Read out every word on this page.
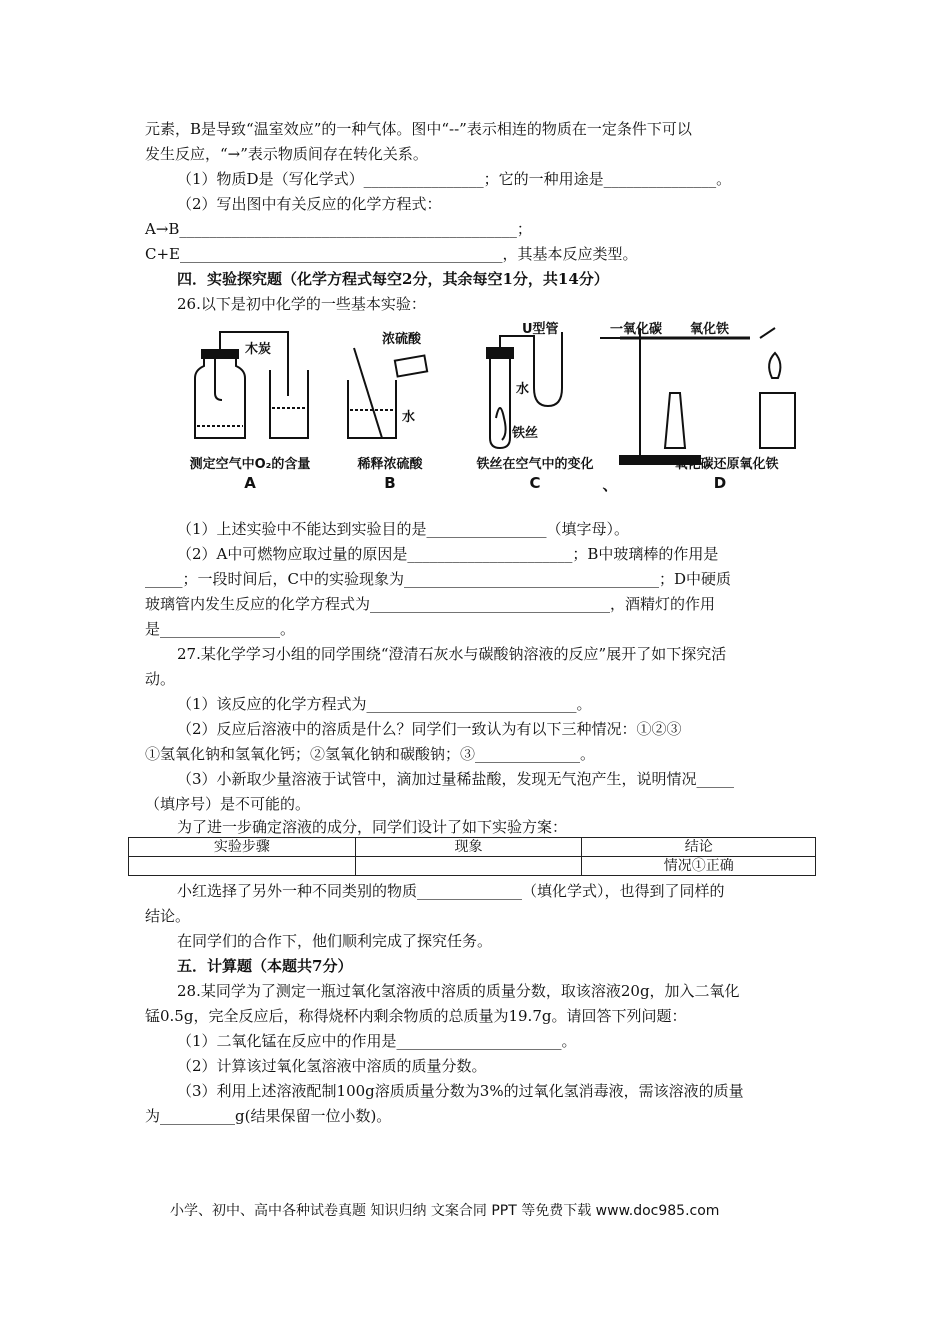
元素，B是导致“温室效应”的一种气体。图中“--”表示相连的物质在一定条件下可以
发生反应，“→”表示物质间存在转化关系。
（1）物质D是（写化学式）________________；它的一种用途是_______________。
（2）写出图中有关反应的化学方程式：
A→B_____________________________________________；
C+E___________________________________________，其基本反应类型。
四．实验探究题（化学方程式每空2分，其余每空1分，共14分）
26.以下是初中化学的一些基本实验：
木炭
浓硫酸
水
U型管
水
铁丝
一氧化碳 氧化铁
测定空气中O₂的含量	稀释浓硫酸	铁丝在空气中的变化	一氧化碳还原氧化铁
A	B	C	、	D
（1）上述实验中不能达到实验目的是________________（填字母）。
（2）A中可燃物应取过量的原因是______________________；B中玻璃棒的作用是
_____；一段时间后，C中的实验现象为__________________________________；D中硬质
玻璃管内发生反应的化学方程式为________________________________，酒精灯的作用
是________________。
27.某化学学习小组的同学围绕“澄清石灰水与碳酸钠溶液的反应”展开了如下探究活
动。
（1）该反应的化学方程式为____________________________。
（2）反应后溶液中的溶质是什么？同学们一致认为有以下三种情况：①②③
①氢氧化钠和氢氧化钙；②氢氧化钠和碳酸钠；③______________。
（3）小新取少量溶液于试管中，滴加过量稀盐酸，发现无气泡产生，说明情况_____
（填序号）是不可能的。
为了进一步确定溶液的成分，同学们设计了如下实验方案：
实验步骤	现象	结论
		情况①正确
小红选择了另外一种不同类别的物质______________（填化学式），也得到了同样的
结论。
在同学们的合作下，他们顺利完成了探究任务。
五．计算题（本题共7分）
28.某同学为了测定一瓶过氧化氢溶液中溶质的质量分数，取该溶液20g，加入二氧化
锰0.5g，完全反应后，称得烧杯内剩余物质的总质量为19.7g。请回答下列问题：
（1）二氧化锰在反应中的作用是______________________。
（2）计算该过氧化氢溶液中溶质的质量分数。
（3）利用上述溶液配制100g溶质质量分数为3%的过氧化氢消毒液，需该溶液的质量
为__________g(结果保留一位小数)。
小学、初中、高中各种试卷真题 知识归纳 文案合同 PPT 等免费下载 www.doc985.com
